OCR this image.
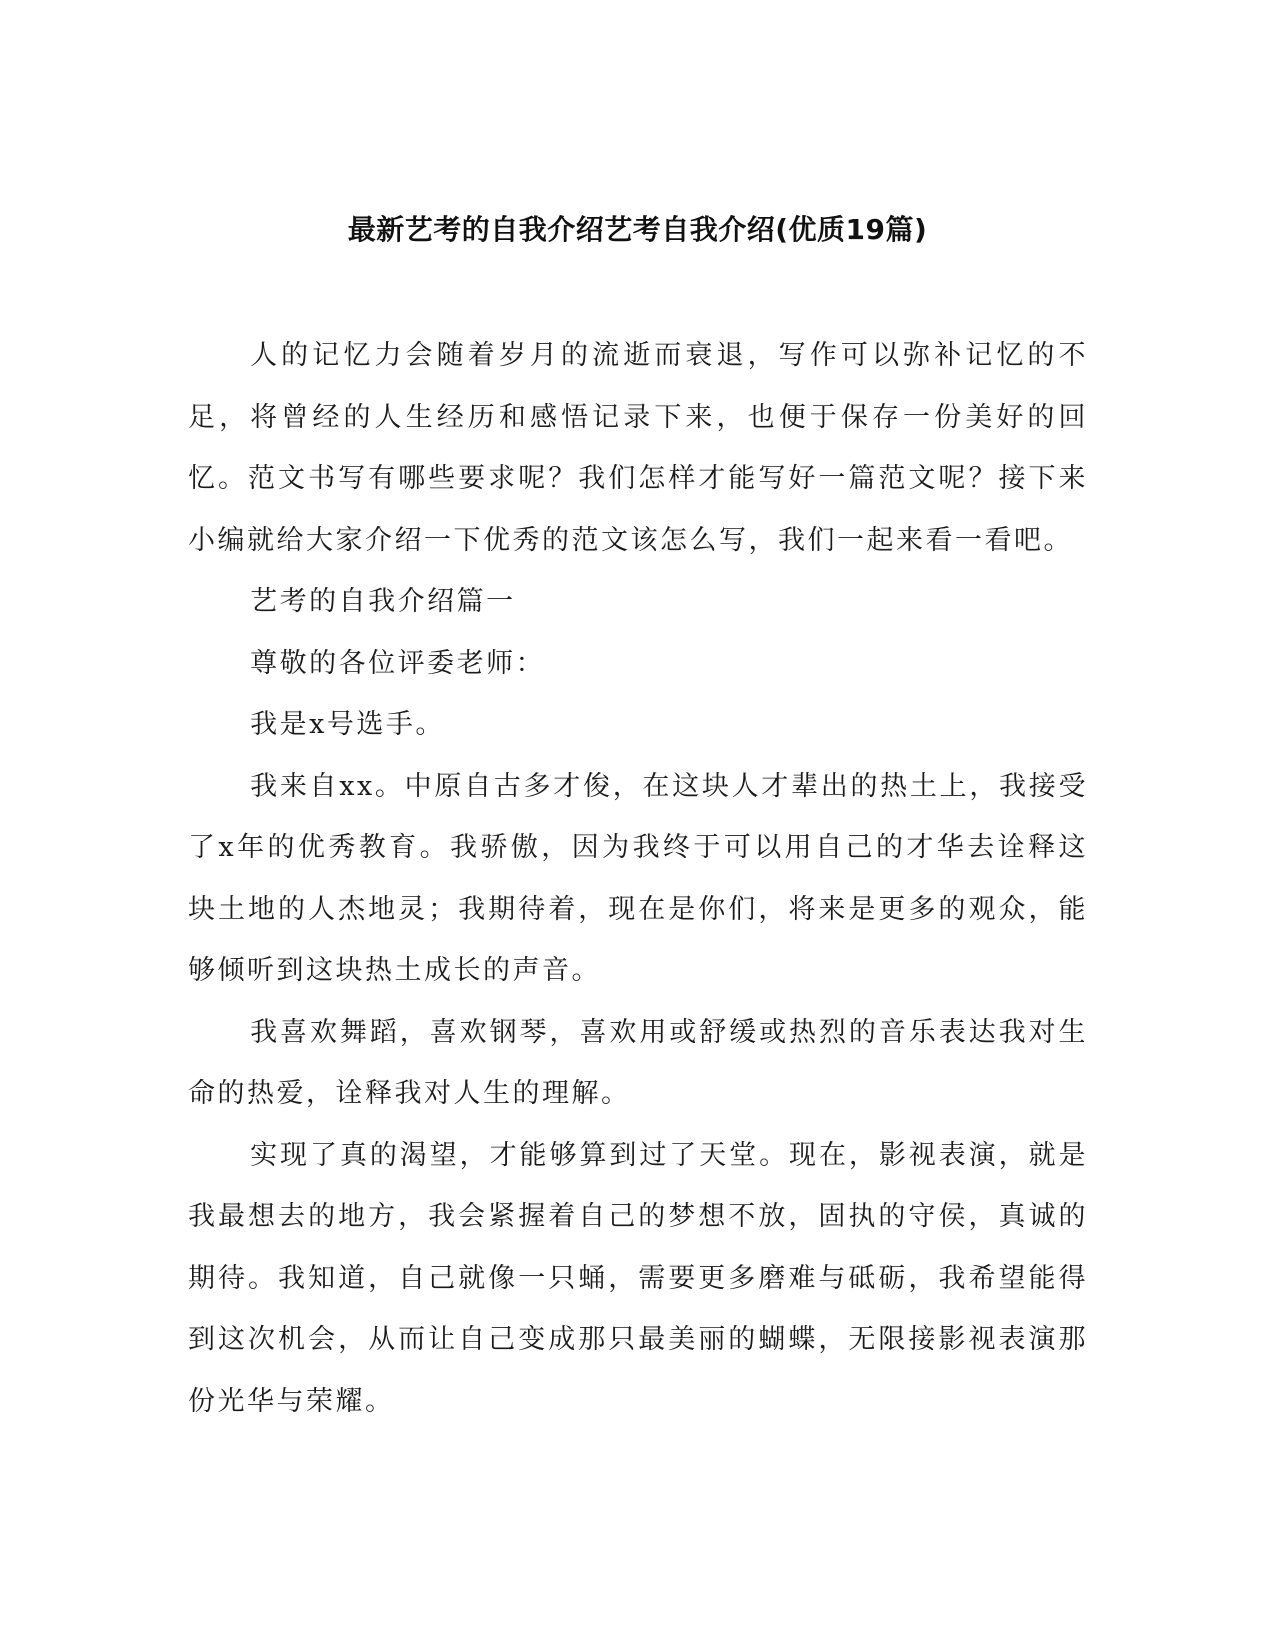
最新艺考的自我介绍艺考自我介绍(优质19篇)

人的记忆力会随着岁月的流逝而衰退，写作可以弥补记忆的不足，将曾经的人生经历和感悟记录下来，也便于保存一份美好的回忆。范文书写有哪些要求呢？我们怎样才能写好一篇范文呢？接下来小编就给大家介绍一下优秀的范文该怎么写，我们一起来看一看吧。

艺考的自我介绍篇一

尊敬的各位评委老师：

我是x号选手。

我来自xx。中原自古多才俊，在这块人才辈出的热土上，我接受了x年的优秀教育。我骄傲，因为我终于可以用自己的才华去诠释这块土地的人杰地灵；我期待着，现在是你们，将来是更多的观众，能够倾听到这块热土成长的声音。

我喜欢舞蹈，喜欢钢琴，喜欢用或舒缓或热烈的音乐表达我对生命的热爱，诠释我对人生的理解。

实现了真的渴望，才能够算到过了天堂。现在，影视表演，就是我最想去的地方，我会紧握着自己的梦想不放，固执的守侯，真诚的期待。我知道，自己就像一只蛹，需要更多磨难与砥砺，我希望能得到这次机会，从而让自己变成那只最美丽的蝴蝶，无限接影视表演那份光华与荣耀。
